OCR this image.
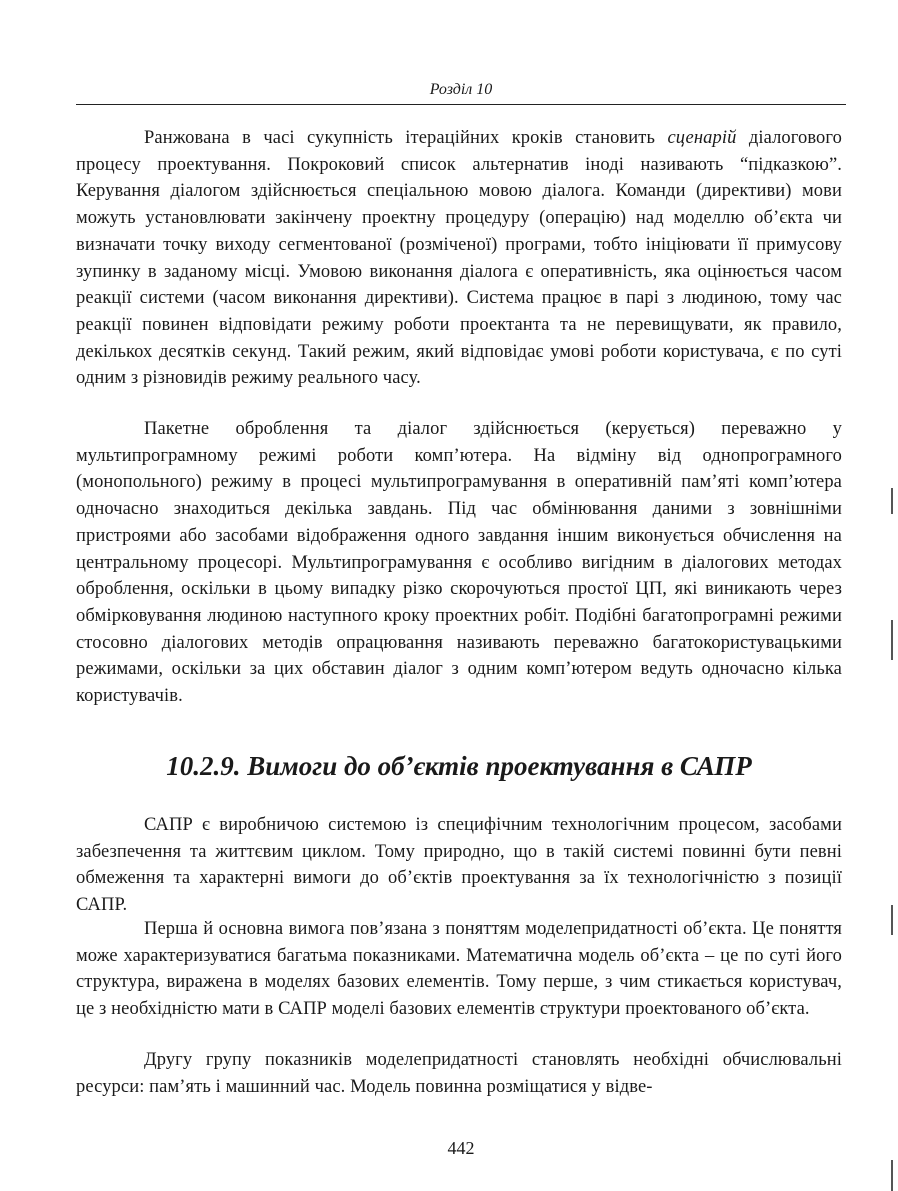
Розділ 10

Ранжована в часі сукупність ітераційних кроків становить сценарій діалогового процесу проектування. Покроковий список альтернатив іноді називають “підказкою”. Керування діалогом здійснюється спеціальною мовою діалога. Команди (директиви) мови можуть установлювати закінчену проектну процедуру (операцію) над моделлю об’єкта чи визначати точку виходу сегментованої (розміченої) програми, тобто ініціювати її примусову зупинку в заданому місці. Умовою виконання діалога є оперативність, яка оцінюється часом реакції системи (часом виконання директиви). Система працює в парі з людиною, тому час реакції повинен відповідати режиму роботи проектанта та не перевищувати, як правило, декількох десятків секунд. Такий режим, який відповідає умові роботи користувача, є по суті одним з різновидів режиму реального часу.

Пакетне оброблення та діалог здійснюється (керується) переважно у мультипрограмному режимі роботи комп’ютера. На відміну від однопрограмного (монопольного) режиму в процесі мультипрограмування в оперативній пам’яті комп’ютера одночасно знаходиться декілька завдань. Під час обмінювання даними з зовнішніми пристроями або засобами відображення одного завдання іншим виконується обчислення на центральному процесорі. Мультипрограмування є особливо вигідним в діалогових методах оброблення, оскільки в цьому випадку різко скорочуються простої ЦП, які виникають через обмірковування людиною наступного кроку проектних робіт. Подібні багатопрограмні режими стосовно діалогових методів опрацювання називають переважно багатокористувацькими режимами, оскільки за цих обставин діалог з одним комп’ютером ведуть одночасно кілька користувачів.

10.2.9. Вимоги до об’єктів проектування в САПР

САПР є виробничою системою із специфічним технологічним процесом, засобами забезпечення та життєвим циклом. Тому природно, що в такій системі повинні бути певні обмеження та характерні вимоги до об’єктів проектування за їх технологічністю з позиції САПР.

Перша й основна вимога пов’язана з поняттям моделепридатності об’єкта. Це поняття може характеризуватися багатьма показниками. Математична модель об’єкта – це по суті його структура, виражена в моделях базових елементів. Тому перше, з чим стикається користувач, це з необхідністю мати в САПР моделі базових елементів структури проектованого об’єкта.

Другу групу показників моделепридатності становлять необхідні обчислювальні ресурси: пам’ять і машинний час. Модель повинна розміщатися у відве-

442
